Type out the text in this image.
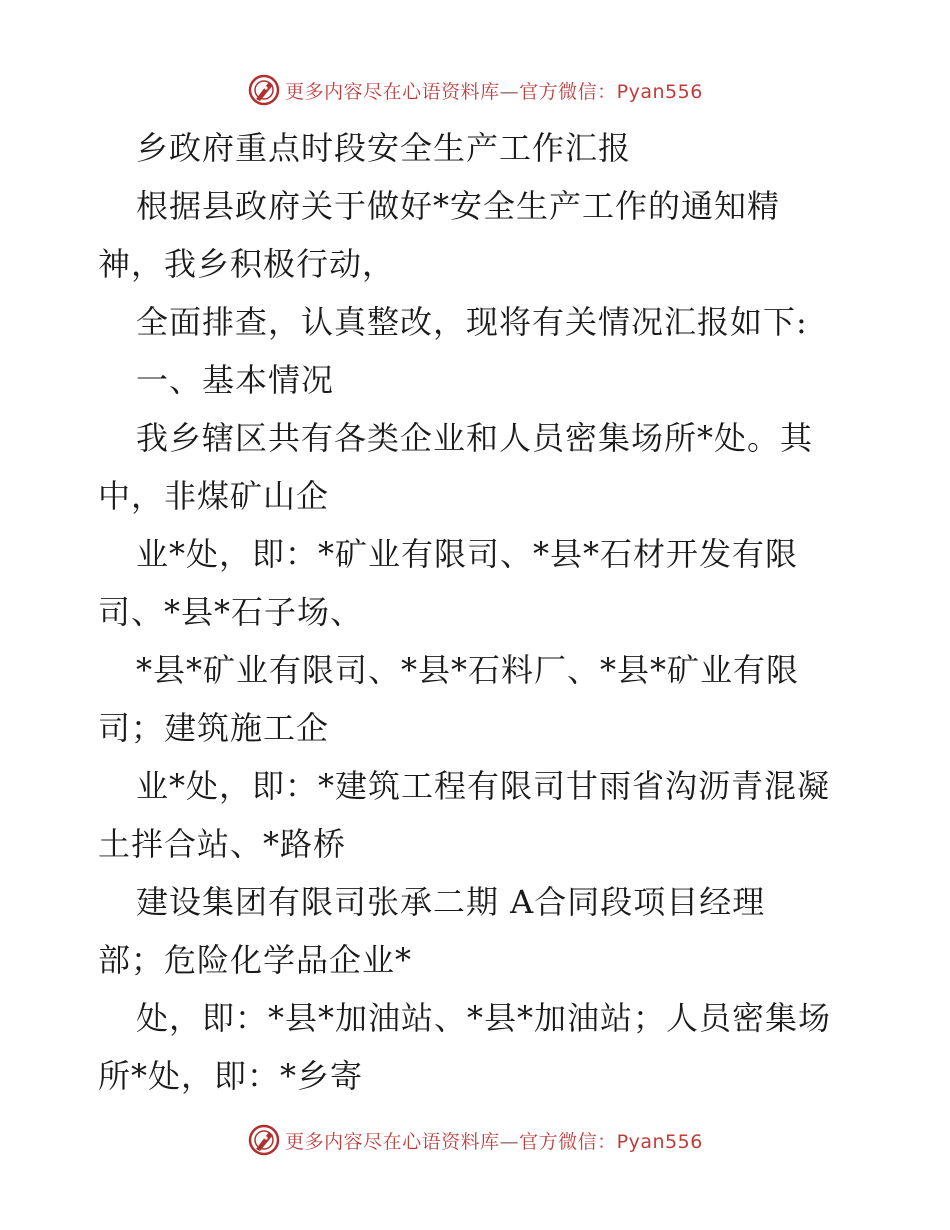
更多内容尽在心语资料库—官方微信：Pyan556
乡政府重点时段安全生产工作汇报
根据县政府关于做好*安全生产工作的通知精
神，我乡积极行动，
全面排查，认真整改，现将有关情况汇报如下:
一、基本情况
我乡辖区共有各类企业和人员密集场所*处。其
中，非煤矿山企
业*处，即：*矿业有限司、*县*石材开发有限
司、*县*石子场、
*县*矿业有限司、*县*石料厂、*县*矿业有限
司；建筑施工企
业*处，即：*建筑工程有限司甘雨省沟沥青混凝
土拌合站、*路桥
建设集团有限司张承二期 A合同段项目经理
部；危险化学品企业*
处，即：*县*加油站、*县*加油站；人员密集场
所*处，即：*乡寄
更多内容尽在心语资料库—官方微信：Pyan556
